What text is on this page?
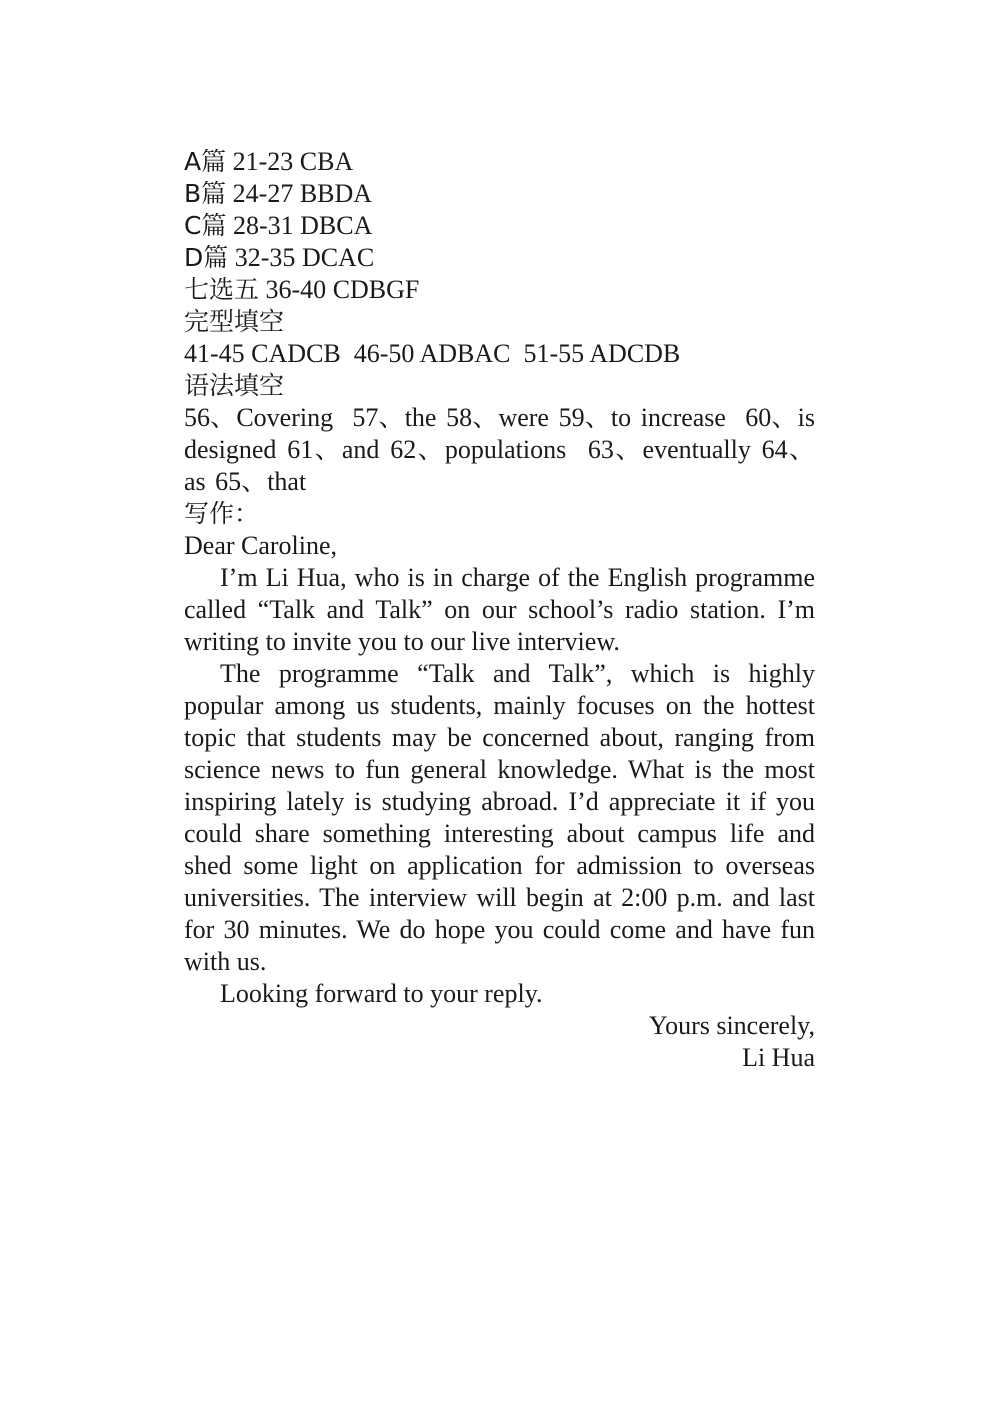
A篇 21-23 CBA
B篇 24-27 BBDA
C篇 28-31 DBCA
D篇 32-35 DCAC
七选五 36-40 CDBGF
完型填空
41-45 CADCB 46-50 ADBAC 51-55 ADCDB
语法填空
56、Covering 57、the 58、were 59、to increase 60、is designed 61、and 62、populations 63、eventually 64、as 65、that
写作：
Dear Caroline,
I’m Li Hua, who is in charge of the English programme called “Talk and Talk” on our school’s radio station. I’m writing to invite you to our live interview.
The programme “Talk and Talk”, which is highly popular among us students, mainly focuses on the hottest topic that students may be concerned about, ranging from science news to fun general knowledge. What is the most inspiring lately is studying abroad. I’d appreciate it if you could share something interesting about campus life and shed some light on application for admission to overseas universities. The interview will begin at 2:00 p.m. and last for 30 minutes. We do hope you could come and have fun with us.
Looking forward to your reply.
Yours sincerely,
Li Hua
